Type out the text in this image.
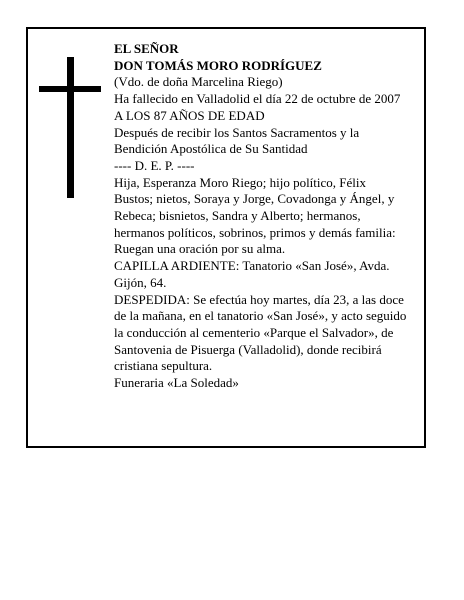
EL SEÑOR
DON TOMÁS MORO RODRÍGUEZ
(Vdo. de doña Marcelina Riego)
Ha fallecido en Valladolid el día 22 de octubre de 2007
A LOS 87 AÑOS DE EDAD
Después de recibir los Santos Sacramentos y la
Bendición Apostólica de Su Santidad
---- D. E. P. ----
Hija, Esperanza Moro Riego; hijo político, Félix
Bustos; nietos, Soraya y Jorge, Covadonga y Ángel, y
Rebeca; bisnietos, Sandra y Alberto; hermanos,
hermanos políticos, sobrinos, primos y demás familia:
Ruegan una oración por su alma.
CAPILLA ARDIENTE: Tanatorio «San José», Avda.
Gijón, 64.
DESPEDIDA: Se efectúa hoy martes, día 23, a las doce
de la mañana, en el tanatorio «San José», y acto seguido
la conducción al cementerio «Parque el Salvador», de
Santovenia de Pisuerga (Valladolid), donde recibirá
cristiana sepultura.
Funeraria «La Soledad»
